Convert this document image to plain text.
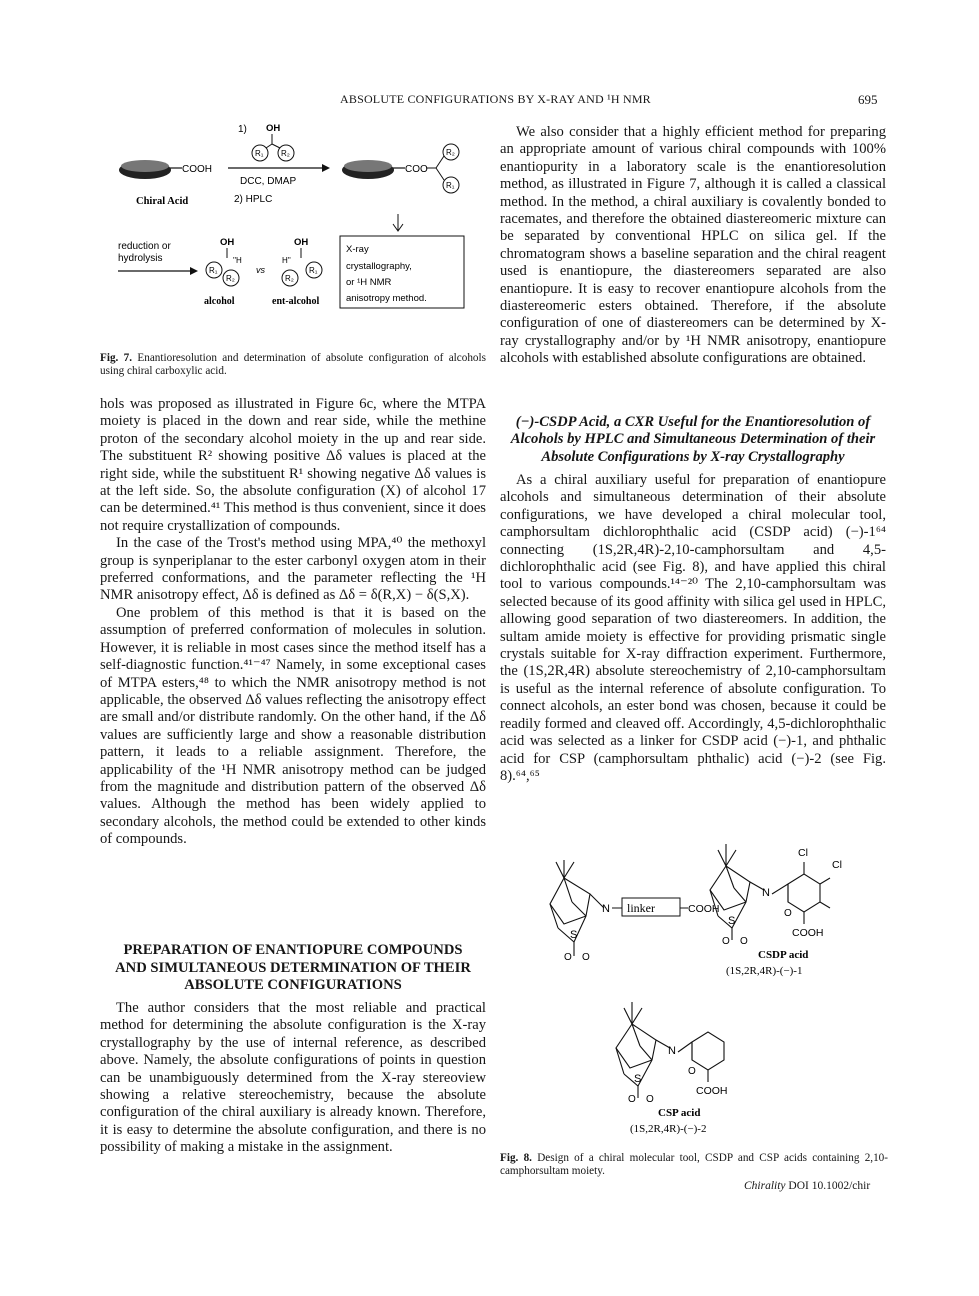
ABSOLUTE CONFIGURATIONS BY X-RAY AND ¹H NMR	695
COOH
Chiral Acid
1) OH
R₁ R₂
DCC, DMAP
2) HPLC
COO
R₂
R₁
reduction or
hydrolysis
OH
''H
R₁
R₂
alcohol
vs
OH
H''
R₂
R₁
ent-alcohol
X-ray
crystallography,
or ¹H NMR
anisotropy method.
Fig. 7. Enantioresolution and determination of absolute configuration of alcohols using chiral carboxylic acid.

We also consider that a highly efficient method for preparing an appropriate amount of various chiral compounds with 100% enantiopurity in a laboratory scale is the enantioresolution method, as illustrated in Figure 7, although it is called a classical method. In the method, a chiral auxiliary is covalently bonded to racemates, and therefore the obtained diastereomeric mixture can be separated by conventional HPLC on silica gel. If the chromatogram shows a baseline separation and the chiral reagent used is enantiopure, the diastereomers separated are also enantiopure. It is easy to recover enantiopure alcohols from the diastereomeric esters obtained. Therefore, if the absolute configuration of one of diastereomers can be determined by X-ray crystallography and/or by ¹H NMR anisotropy, enantiopure alcohols with established absolute configurations are obtained.

hols was proposed as illustrated in Figure 6c, where the MTPA moiety is placed in the down and rear side, while the methine proton of the secondary alcohol moiety in the up and rear side. The substituent R² showing positive Δδ values is placed at the right side, while the substituent R¹ showing negative Δδ values is at the left side. So, the absolute configuration (X) of alcohol 17 can be determined.⁴¹ This method is thus convenient, since it does not require crystallization of compounds.

In the case of the Trost's method using MPA,⁴⁰ the methoxyl group is synperiplanar to the ester carbonyl oxygen atom in their preferred conformations, and the parameter reflecting the ¹H NMR anisotropy effect, Δδ is defined as Δδ = δ(R,X) − δ(S,X).

One problem of this method is that it is based on the assumption of preferred conformation of molecules in solution. However, it is reliable in most cases since the method itself has a self-diagnostic function.⁴¹⁻⁴⁷ Namely, in some exceptional cases of MTPA esters,⁴⁸ to which the NMR anisotropy method is not applicable, the observed Δδ values reflecting the anisotropy effect are small and/or distribute randomly. On the other hand, if the Δδ values are sufficiently large and show a reasonable distribution pattern, it leads to a reliable assignment. Therefore, the applicability of the ¹H NMR anisotropy method can be judged from the magnitude and distribution pattern of the observed Δδ values. Although the method has been widely applied to secondary alcohols, the method could be extended to other kinds of compounds.

PREPARATION OF ENANTIOPURE COMPOUNDS AND SIMULTANEOUS DETERMINATION OF THEIR ABSOLUTE CONFIGURATIONS

The author considers that the most reliable and practical method for determining the absolute configuration is the X-ray crystallography by the use of internal reference, as described above. Namely, the absolute configurations of points in question can be unambiguously determined from the X-ray stereoview showing a relative stereochemistry, because the absolute configuration of the chiral auxiliary is already known. Therefore, it is easy to determine the absolute configuration, and there is no possibility of making a mistake in the assignment.

(−)-CSDP Acid, a CXR Useful for the Enantioresolution of Alcohols by HPLC and Simultaneous Determination of their Absolute Configurations by X-ray Crystallography

As a chiral auxiliary useful for preparation of enantiopure alcohols and simultaneous determination of their absolute configurations, we have developed a chiral molecular tool, camphorsultam dichlorophthalic acid (CSDP acid) (−)-1⁶⁴ connecting (1S,2R,4R)-2,10-camphorsultam and 4,5-dichlorophthalic acid (see Fig. 8), and have applied this chiral tool to various compounds.¹⁴⁻²⁰ The 2,10-camphorsultam was selected because of its good affinity with silica gel used in HPLC, allowing good separation of two diastereomers. In addition, the sultam amide moiety is effective for providing prismatic single crystals suitable for X-ray diffraction experiment. Furthermore, the (1S,2R,4R) absolute stereochemistry of 2,10-camphorsultam is useful as the internal reference of absolute configuration. To connect alcohols, an ester bond was chosen, because it could be readily formed and cleaved off. Accordingly, 4,5-dichlorophthalic acid was selected as a linker for CSDP acid (−)-1, and phthalic acid for CSP (camphorsultam phthalic) acid (−)-2 (see Fig. 8).⁶⁴,⁶⁵

N
S
O O
linker	COOH
N
S
O O
O
Cl
Cl
COOH
CSDP acid
(1S,2R,4R)-(−)-1
N
S
O O
O
COOH
CSP acid
(1S,2R,4R)-(−)-2
Fig. 8. Design of a chiral molecular tool, CSDP and CSP acids containing 2,10-camphorsultam moiety.
Chirality DOI 10.1002/chir
